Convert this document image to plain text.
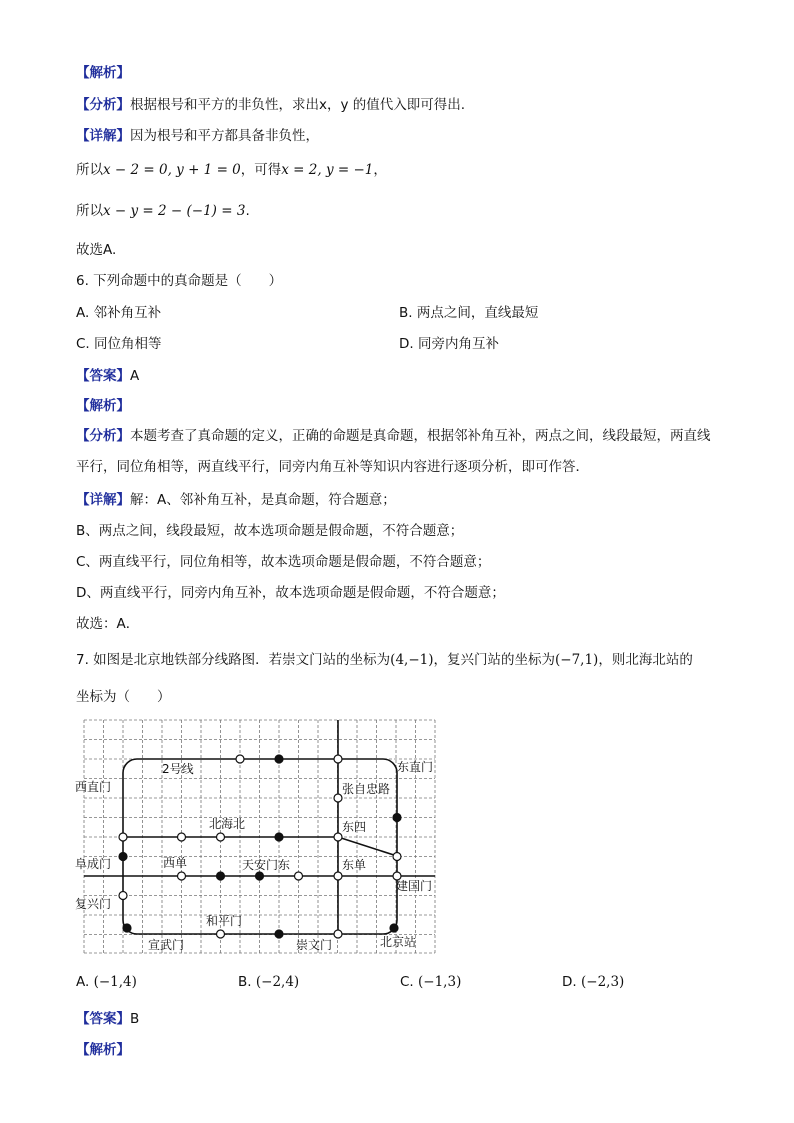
【解析】
【分析】根据根号和平方的非负性，求出x，y 的值代入即可得出.
【详解】因为根号和平方都具备非负性，
所以x − 2 = 0, y + 1 = 0，可得x = 2, y = −1，
所以x − y = 2 − (−1) = 3.
故选A.
6. 下列命题中的真命题是（　　）
A. 邻补角互补	B. 两点之间，直线最短
C. 同位角相等	D. 同旁内角互补
【答案】A
【解析】
【分析】本题考查了真命题的定义，正确的命题是真命题，根据邻补角互补，两点之间，线段最短，两直线平行，同位角相等，两直线平行，同旁内角互补等知识内容进行逐项分析，即可作答．
【详解】解：A、邻补角互补，是真命题，符合题意；
B、两点之间，线段最短，故本选项命题是假命题，不符合题意；
C、两直线平行，同位角相等，故本选项命题是假命题，不符合题意；
D、两直线平行，同旁内角互补，故本选项命题是假命题，不符合题意；
故选：A．
7. 如图是北京地铁部分线路图．若崇文门站的坐标为(4,−1)，复兴门站的坐标为(−7,1)，则北海北站的
坐标为（　　）
2号线
西直门
东直门
张自忠路
北海北	东四
阜成门	西单	天安门东	东单
建国门
复兴门
和平门
宣武门	崇文门	北京站
A. (−1,4)	B. (−2,4)	C. (−1,3)	D. (−2,3)
【答案】B
【解析】
